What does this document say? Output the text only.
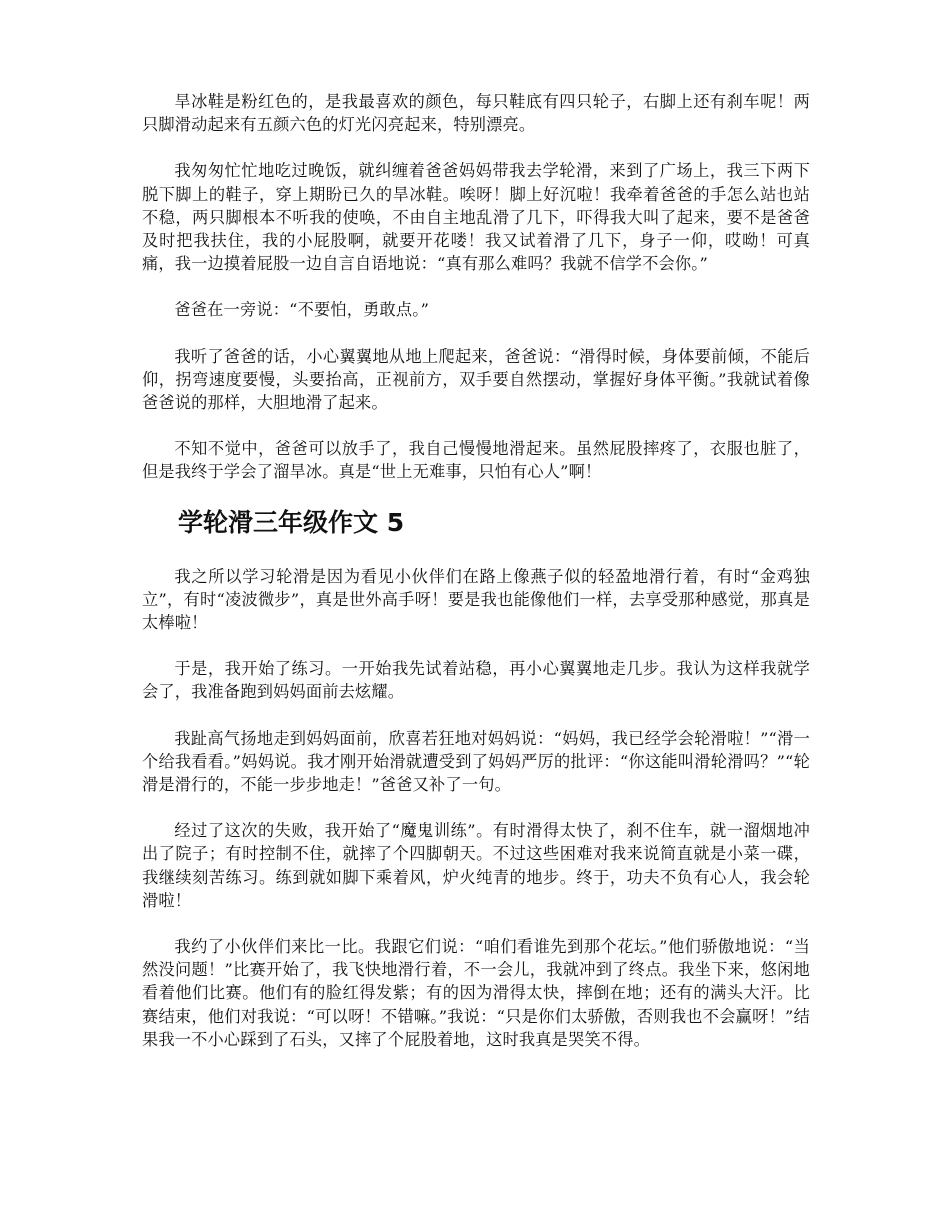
旱冰鞋是粉红色的，是我最喜欢的颜色，每只鞋底有四只轮子，右脚上还有刹车呢！两只脚滑动起来有五颜六色的灯光闪亮起来，特别漂亮。

我匆匆忙忙地吃过晚饭，就纠缠着爸爸妈妈带我去学轮滑，来到了广场上，我三下两下脱下脚上的鞋子，穿上期盼已久的旱冰鞋。唉呀！脚上好沉啦！我牵着爸爸的手怎么站也站不稳，两只脚根本不听我的使唤，不由自主地乱滑了几下，吓得我大叫了起来，要不是爸爸及时把我扶住，我的小屁股啊，就要开花喽！我又试着滑了几下，身子一仰，哎呦！可真痛，我一边摸着屁股一边自言自语地说：“真有那么难吗？我就不信学不会你。”

爸爸在一旁说：“不要怕，勇敢点。”

我听了爸爸的话，小心翼翼地从地上爬起来，爸爸说：“滑得时候，身体要前倾，不能后仰，拐弯速度要慢，头要抬高，正视前方，双手要自然摆动，掌握好身体平衡。”我就试着像爸爸说的那样，大胆地滑了起来。

不知不觉中，爸爸可以放手了，我自己慢慢地滑起来。虽然屁股摔疼了，衣服也脏了，但是我终于学会了溜旱冰。真是“世上无难事，只怕有心人”啊！

学轮滑三年级作文 5

我之所以学习轮滑是因为看见小伙伴们在路上像燕子似的轻盈地滑行着，有时“金鸡独立”，有时“凌波微步”，真是世外高手呀！要是我也能像他们一样，去享受那种感觉，那真是太棒啦！

于是，我开始了练习。一开始我先试着站稳，再小心翼翼地走几步。我认为这样我就学会了，我准备跑到妈妈面前去炫耀。

我趾高气扬地走到妈妈面前，欣喜若狂地对妈妈说：“妈妈，我已经学会轮滑啦！”“滑一个给我看看。”妈妈说。我才刚开始滑就遭受到了妈妈严厉的批评：“你这能叫滑轮滑吗？”“轮滑是滑行的，不能一步步地走！”爸爸又补了一句。

经过了这次的失败，我开始了“魔鬼训练”。有时滑得太快了，刹不住车，就一溜烟地冲出了院子；有时控制不住，就摔了个四脚朝天。不过这些困难对我来说简直就是小菜一碟，我继续刻苦练习。练到就如脚下乘着风，炉火纯青的地步。终于，功夫不负有心人，我会轮滑啦！

我约了小伙伴们来比一比。我跟它们说：“咱们看谁先到那个花坛。”他们骄傲地说：“当然没问题！”比赛开始了，我飞快地滑行着，不一会儿，我就冲到了终点。我坐下来，悠闲地看着他们比赛。他们有的脸红得发紫；有的因为滑得太快，摔倒在地；还有的满头大汗。比赛结束，他们对我说：“可以呀！不错嘛。”我说：“只是你们太骄傲，否则我也不会赢呀！”结果我一不小心踩到了石头，又摔了个屁股着地，这时我真是哭笑不得。
